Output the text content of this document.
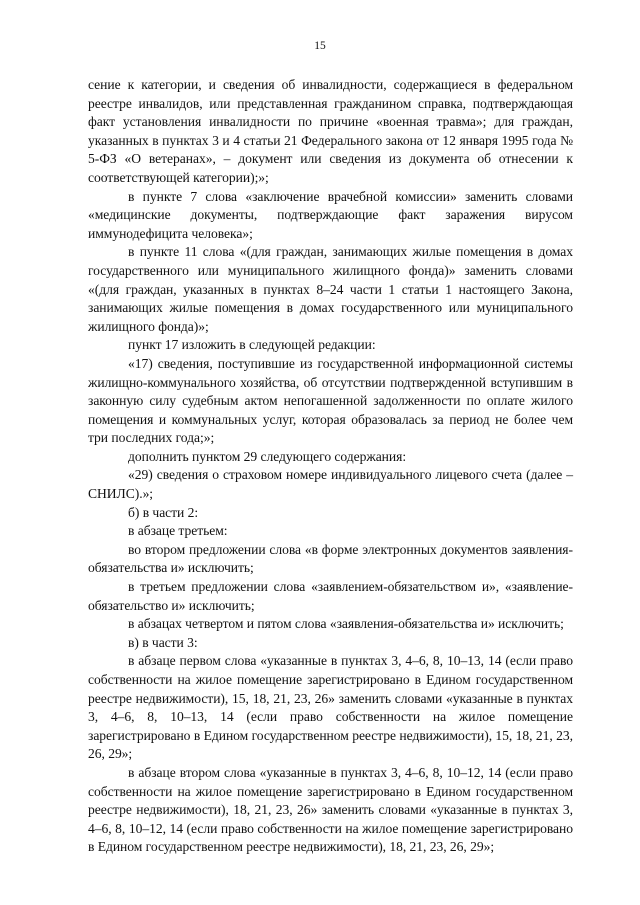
15

сение к категории, и сведения об инвалидности, содержащиеся в федеральном реестре инвалидов, или представленная гражданином справка, подтверждающая факт установления инвалидности по причине «военная травма»; для граждан, указанных в пунктах 3 и 4 статьи 21 Федерального закона от 12 января 1995 года № 5-ФЗ «О ветеранах», – документ или сведения из документа об отнесении к соответствующей категории);»;

в пункте 7 слова «заключение врачебной комиссии» заменить словами «медицинские документы, подтверждающие факт заражения вирусом иммунодефицита человека»;

в пункте 11 слова «(для граждан, занимающих жилые помещения в домах государственного или муниципального жилищного фонда)» заменить словами «(для граждан, указанных в пунктах 8–24 части 1 статьи 1 настоящего Закона, занимающих жилые помещения в домах государственного или муниципального жилищного фонда)»;

пункт 17 изложить в следующей редакции:

«17) сведения, поступившие из государственной информационной системы жилищно-коммунального хозяйства, об отсутствии подтвержденной вступившим в законную силу судебным актом непогашенной задолженности по оплате жилого помещения и коммунальных услуг, которая образовалась за период не более чем три последних года;»;

дополнить пунктом 29 следующего содержания:

«29) сведения о страховом номере индивидуального лицевого счета (далее – СНИЛС).»;

б) в части 2:

в абзаце третьем:

во втором предложении слова «в форме электронных документов заявления-обязательства и» исключить;

в третьем предложении слова «заявлением-обязательством и», «заявление-обязательство и» исключить;

в абзацах четвертом и пятом слова «заявления-обязательства и» исключить;

в) в части 3:

в абзаце первом слова «указанные в пунктах 3, 4–6, 8, 10–13, 14 (если право собственности на жилое помещение зарегистрировано в Едином государственном реестре недвижимости), 15, 18, 21, 23, 26» заменить словами «указанные в пунктах 3, 4–6, 8, 10–13, 14 (если право собственности на жилое помещение зарегистрировано в Едином государственном реестре недвижимости), 15, 18, 21, 23, 26, 29»;

в абзаце втором слова «указанные в пунктах 3, 4–6, 8, 10–12, 14 (если право собственности на жилое помещение зарегистрировано в Едином государственном реестре недвижимости), 18, 21, 23, 26» заменить словами «указанные в пунктах 3, 4–6, 8, 10–12, 14 (если право собственности на жилое помещение зарегистрировано в Едином государственном реестре недвижимости), 18, 21, 23, 26, 29»;
